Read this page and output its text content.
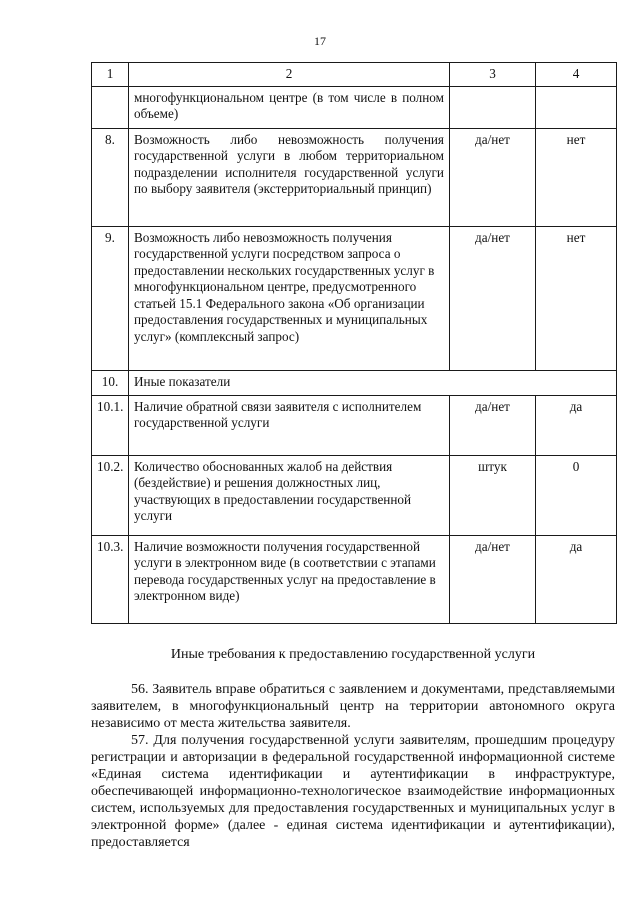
17
1	2	3	4
	многофункциональном центре (в том числе в полном объеме)		
8.	Возможность либо невозможность получения государственной услуги в любом территориальном подразделении исполнителя государственной услуги по выбору заявителя (экстерриториальный принцип)	да/нет	нет
9.	Возможность либо невозможность получения государственной услуги посредством запроса о предоставлении нескольких государственных услуг в многофункциональном центре, предусмотренного статьей 15.1 Федерального закона «Об организации предоставления государственных и муниципальных услуг» (комплексный запрос)	да/нет	нет
10.	Иные показатели		
10.1.	Наличие обратной связи заявителя с исполнителем государственной услуги	да/нет	да
10.2.	Количество обоснованных жалоб на действия (бездействие) и решения должностных лиц, участвующих в предоставлении государственной услуги	штук	0
10.3.	Наличие возможности получения государственной услуги в электронном виде (в соответствии с этапами перевода государственных услуг на предоставление в электронном виде)	да/нет	да
Иные требования к предоставлению государственной услуги

56. Заявитель вправе обратиться с заявлением и документами, представляемыми заявителем, в многофункциональный центр на территории автономного округа независимо от места жительства заявителя.

57. Для получения государственной услуги заявителям, прошедшим процедуру регистрации и авторизации в федеральной государственной информационной системе «Единая система идентификации и аутентификации в инфраструктуре, обеспечивающей информационно-технологическое взаимодействие информационных систем, используемых для предоставления государственных и муниципальных услуг в электронной форме» (далее - единая система идентификации и аутентификации), предоставляется
